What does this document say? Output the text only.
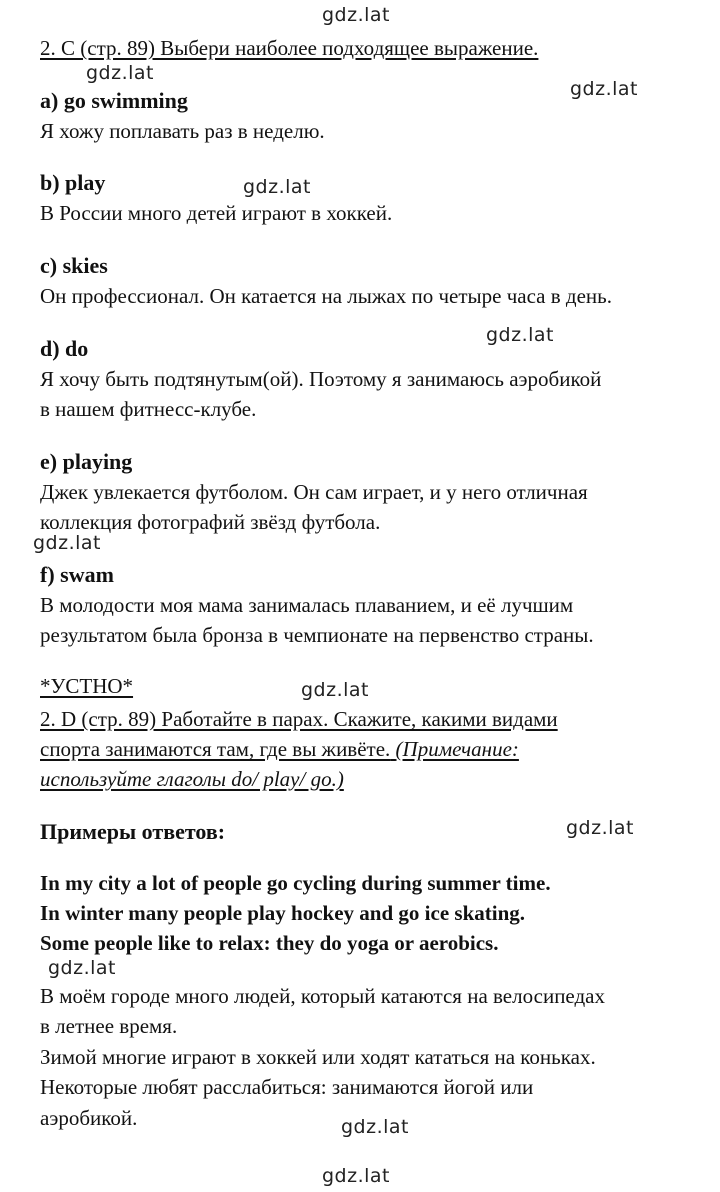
gdz.lat
gdz.lat
gdz.lat
gdz.lat
gdz.lat
gdz.lat
gdz.lat
gdz.lat
gdz.lat
gdz.lat
gdz.lat
2. C (стр. 89) Выбери наиболее подходящее выражение.
a) go swimming
Я хожу поплавать раз в неделю.
b) play
В России много детей играют в хоккей.
c) skies
Он профессионал. Он катается на лыжах по четыре часа в день.
d) do
Я хочу быть подтянутым(ой). Поэтому я занимаюсь аэробикой
в нашем фитнесс-клубе.
e) playing
Джек увлекается футболом. Он сам играет, и у него отличная
коллекция фотографий звёзд футбола.
f) swam
В молодости моя мама занималась плаванием, и её лучшим
результатом была бронза в чемпионате на первенство страны.
*УСТНО*
2. D (стр. 89) Работайте в парах. Скажите, какими видами
спорта занимаются там, где вы живёте. (Примечание:
используйте глаголы do/ play/ go.)
Примеры ответов:
In my city a lot of people go cycling during summer time.
In winter many people play hockey and go ice skating.
Some people like to relax: they do yoga or aerobics.
В моём городе много людей, который катаются на велосипедах
в летнее время.
Зимой многие играют в хоккей или ходят кататься на коньках.
Некоторые любят расслабиться: занимаются йогой или
аэробикой.
